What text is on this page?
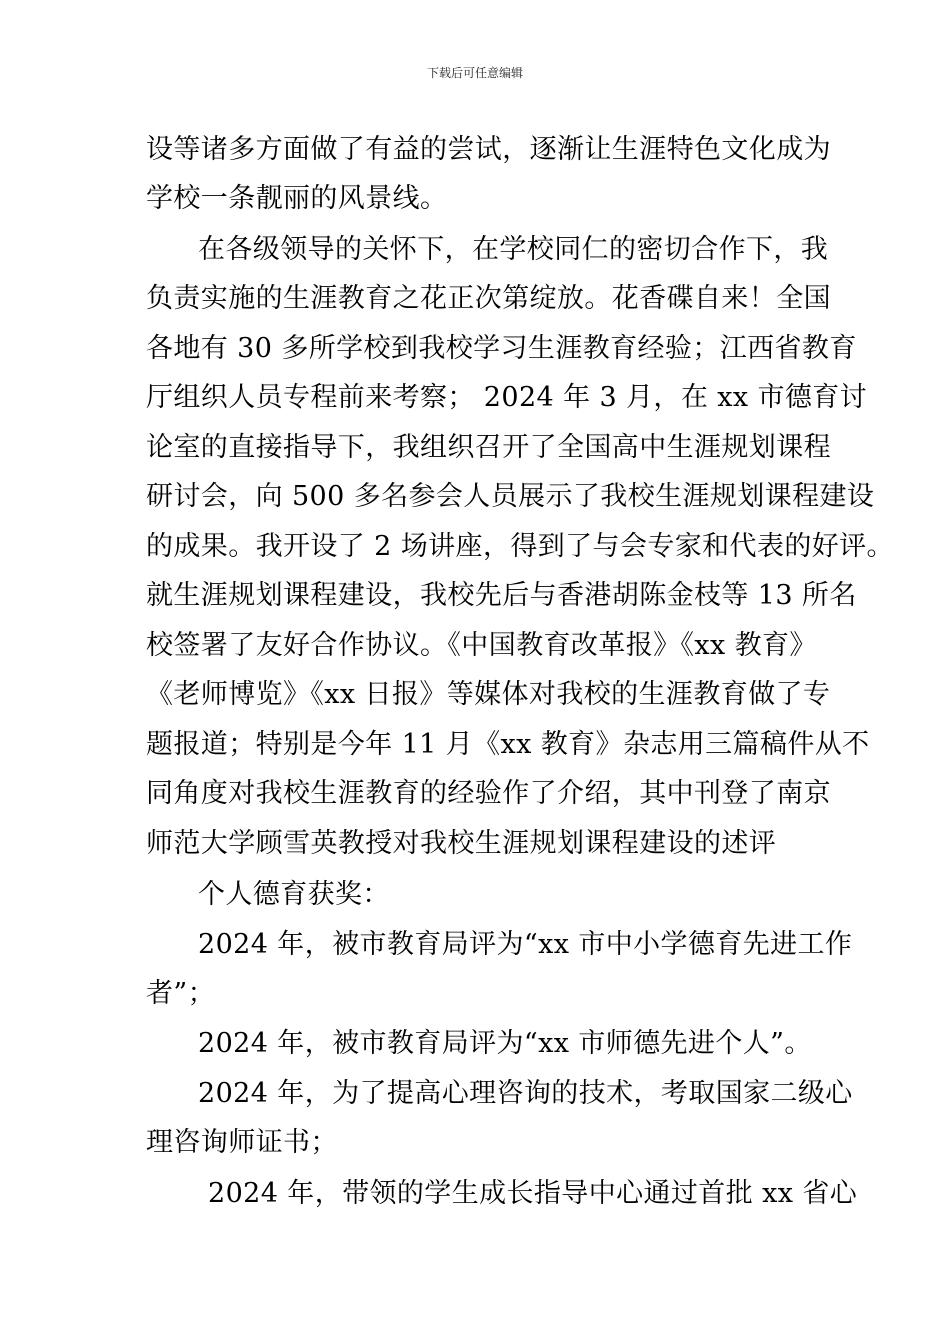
下载后可任意编辑
设等诸多方面做了有益的尝试，逐渐让生涯特色文化成为
学校一条靓丽的风景线。
在各级领导的关怀下，在学校同仁的密切合作下，我
负责实施的生涯教育之花正次第绽放。花香碟自来！全国
各地有 30 多所学校到我校学习生涯教育经验；江西省教育
厅组织人员专程前来考察； 2024 年 3 月，在 xx 市德育讨
论室的直接指导下，我组织召开了全国高中生涯规划课程
研讨会，向 500 多名参会人员展示了我校生涯规划课程建设
的成果。我开设了 2 场讲座，得到了与会专家和代表的好评。
就生涯规划课程建设，我校先后与香港胡陈金枝等 13 所名
校签署了友好合作协议。《中国教育改革报》《xx 教育》
《老师博览》《xx 日报》等媒体对我校的生涯教育做了专
题报道；特别是今年 11 月《xx 教育》杂志用三篇稿件从不
同角度对我校生涯教育的经验作了介绍，其中刊登了南京
师范大学顾雪英教授对我校生涯规划课程建设的述评
个人德育获奖：
2024 年，被市教育局评为“xx 市中小学德育先进工作
者”；
2024 年，被市教育局评为“xx 市师德先进个人”。
2024 年，为了提高心理咨询的技术，考取国家二级心
理咨询师证书；
2024 年，带领的学生成长指导中心通过首批 xx 省心
